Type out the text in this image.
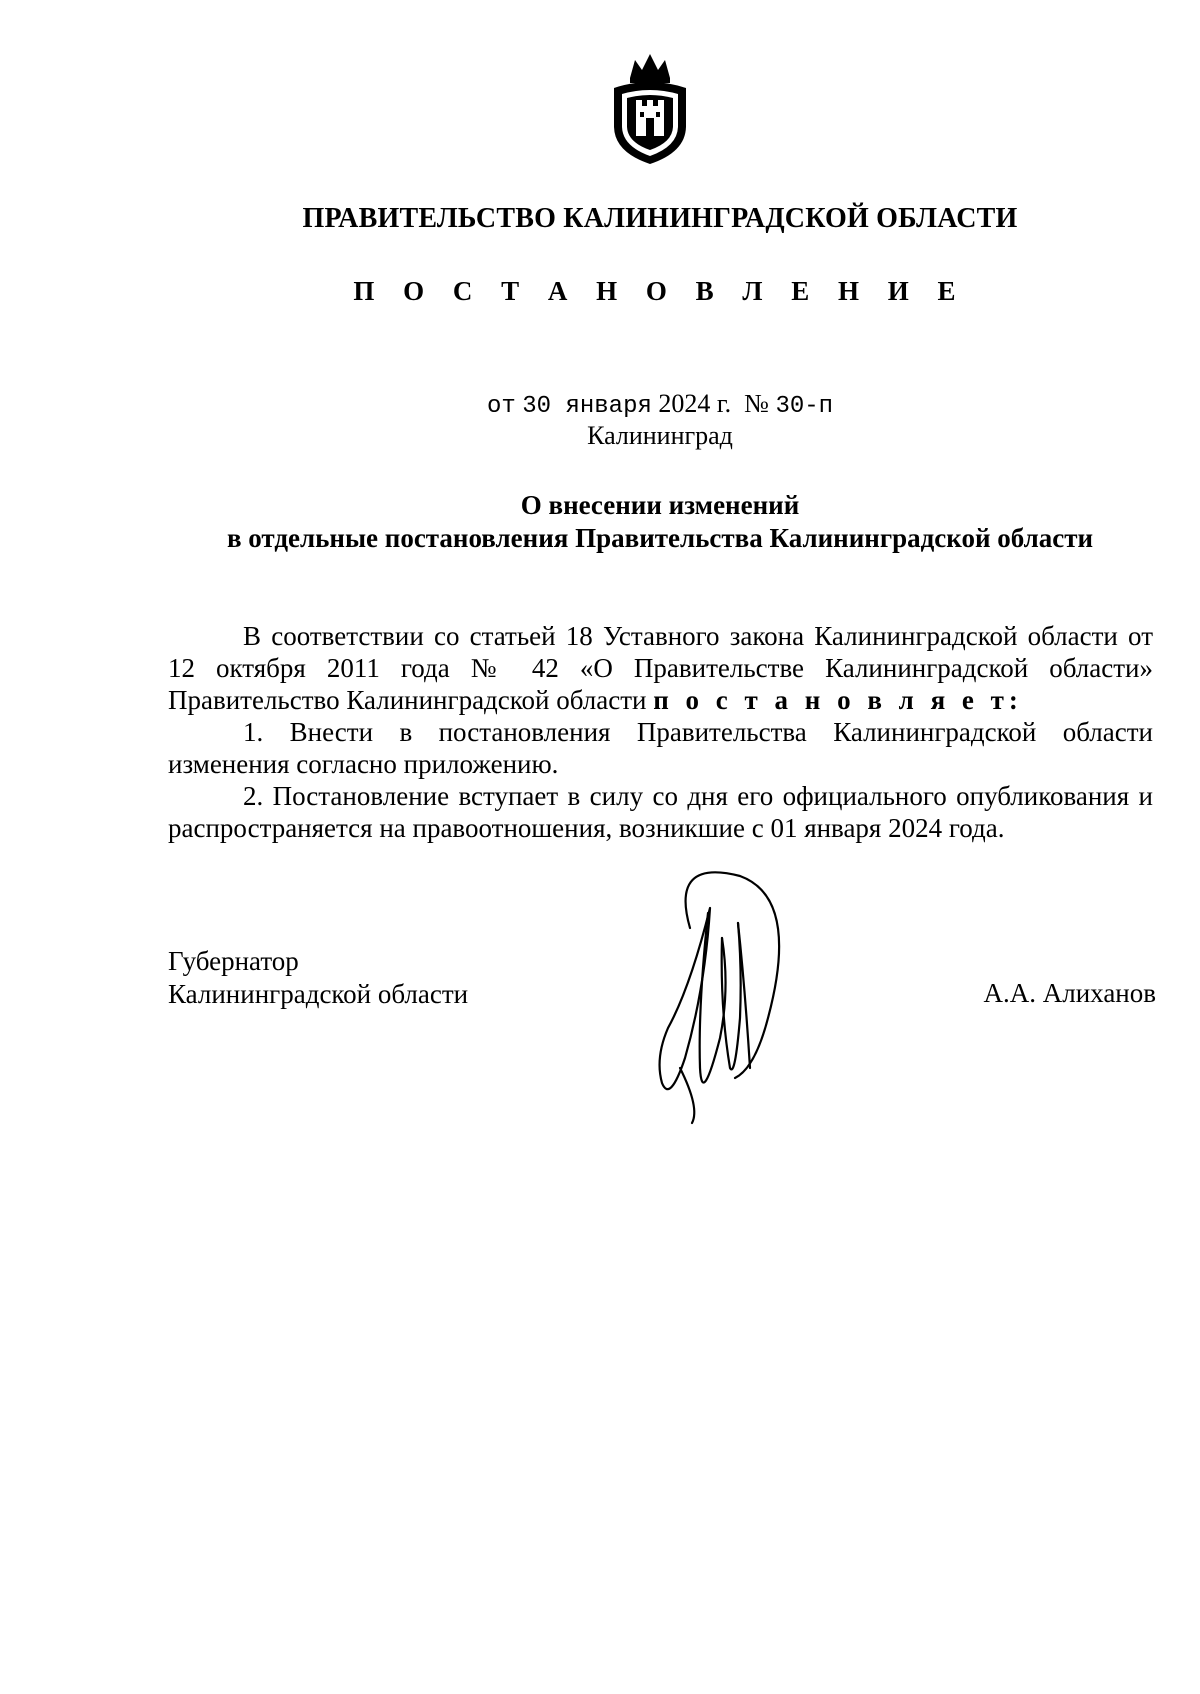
ПРАВИТЕЛЬСТВО КАЛИНИНГРАДСКОЙ ОБЛАСТИ
П О С Т А Н О В Л Е Н И Е
от 30 января 2024 г. № 30-п
Калининград
О внесении изменений
в отдельные постановления Правительства Калининградской области

В соответствии со статьей 18 Уставного закона Калининградской области от 12 октября 2011 года № 42 «О Правительстве Калининградской области» Правительство Калининградской области п о с т а н о в л я е т:

1. Внести в постановления Правительства Калининградской области изменения согласно приложению.

2. Постановление вступает в силу со дня его официального опубликования и распространяется на правоотношения, возникшие с 01 января 2024 года.

Губернатор
Калининградской области	А.А. Алиханов
